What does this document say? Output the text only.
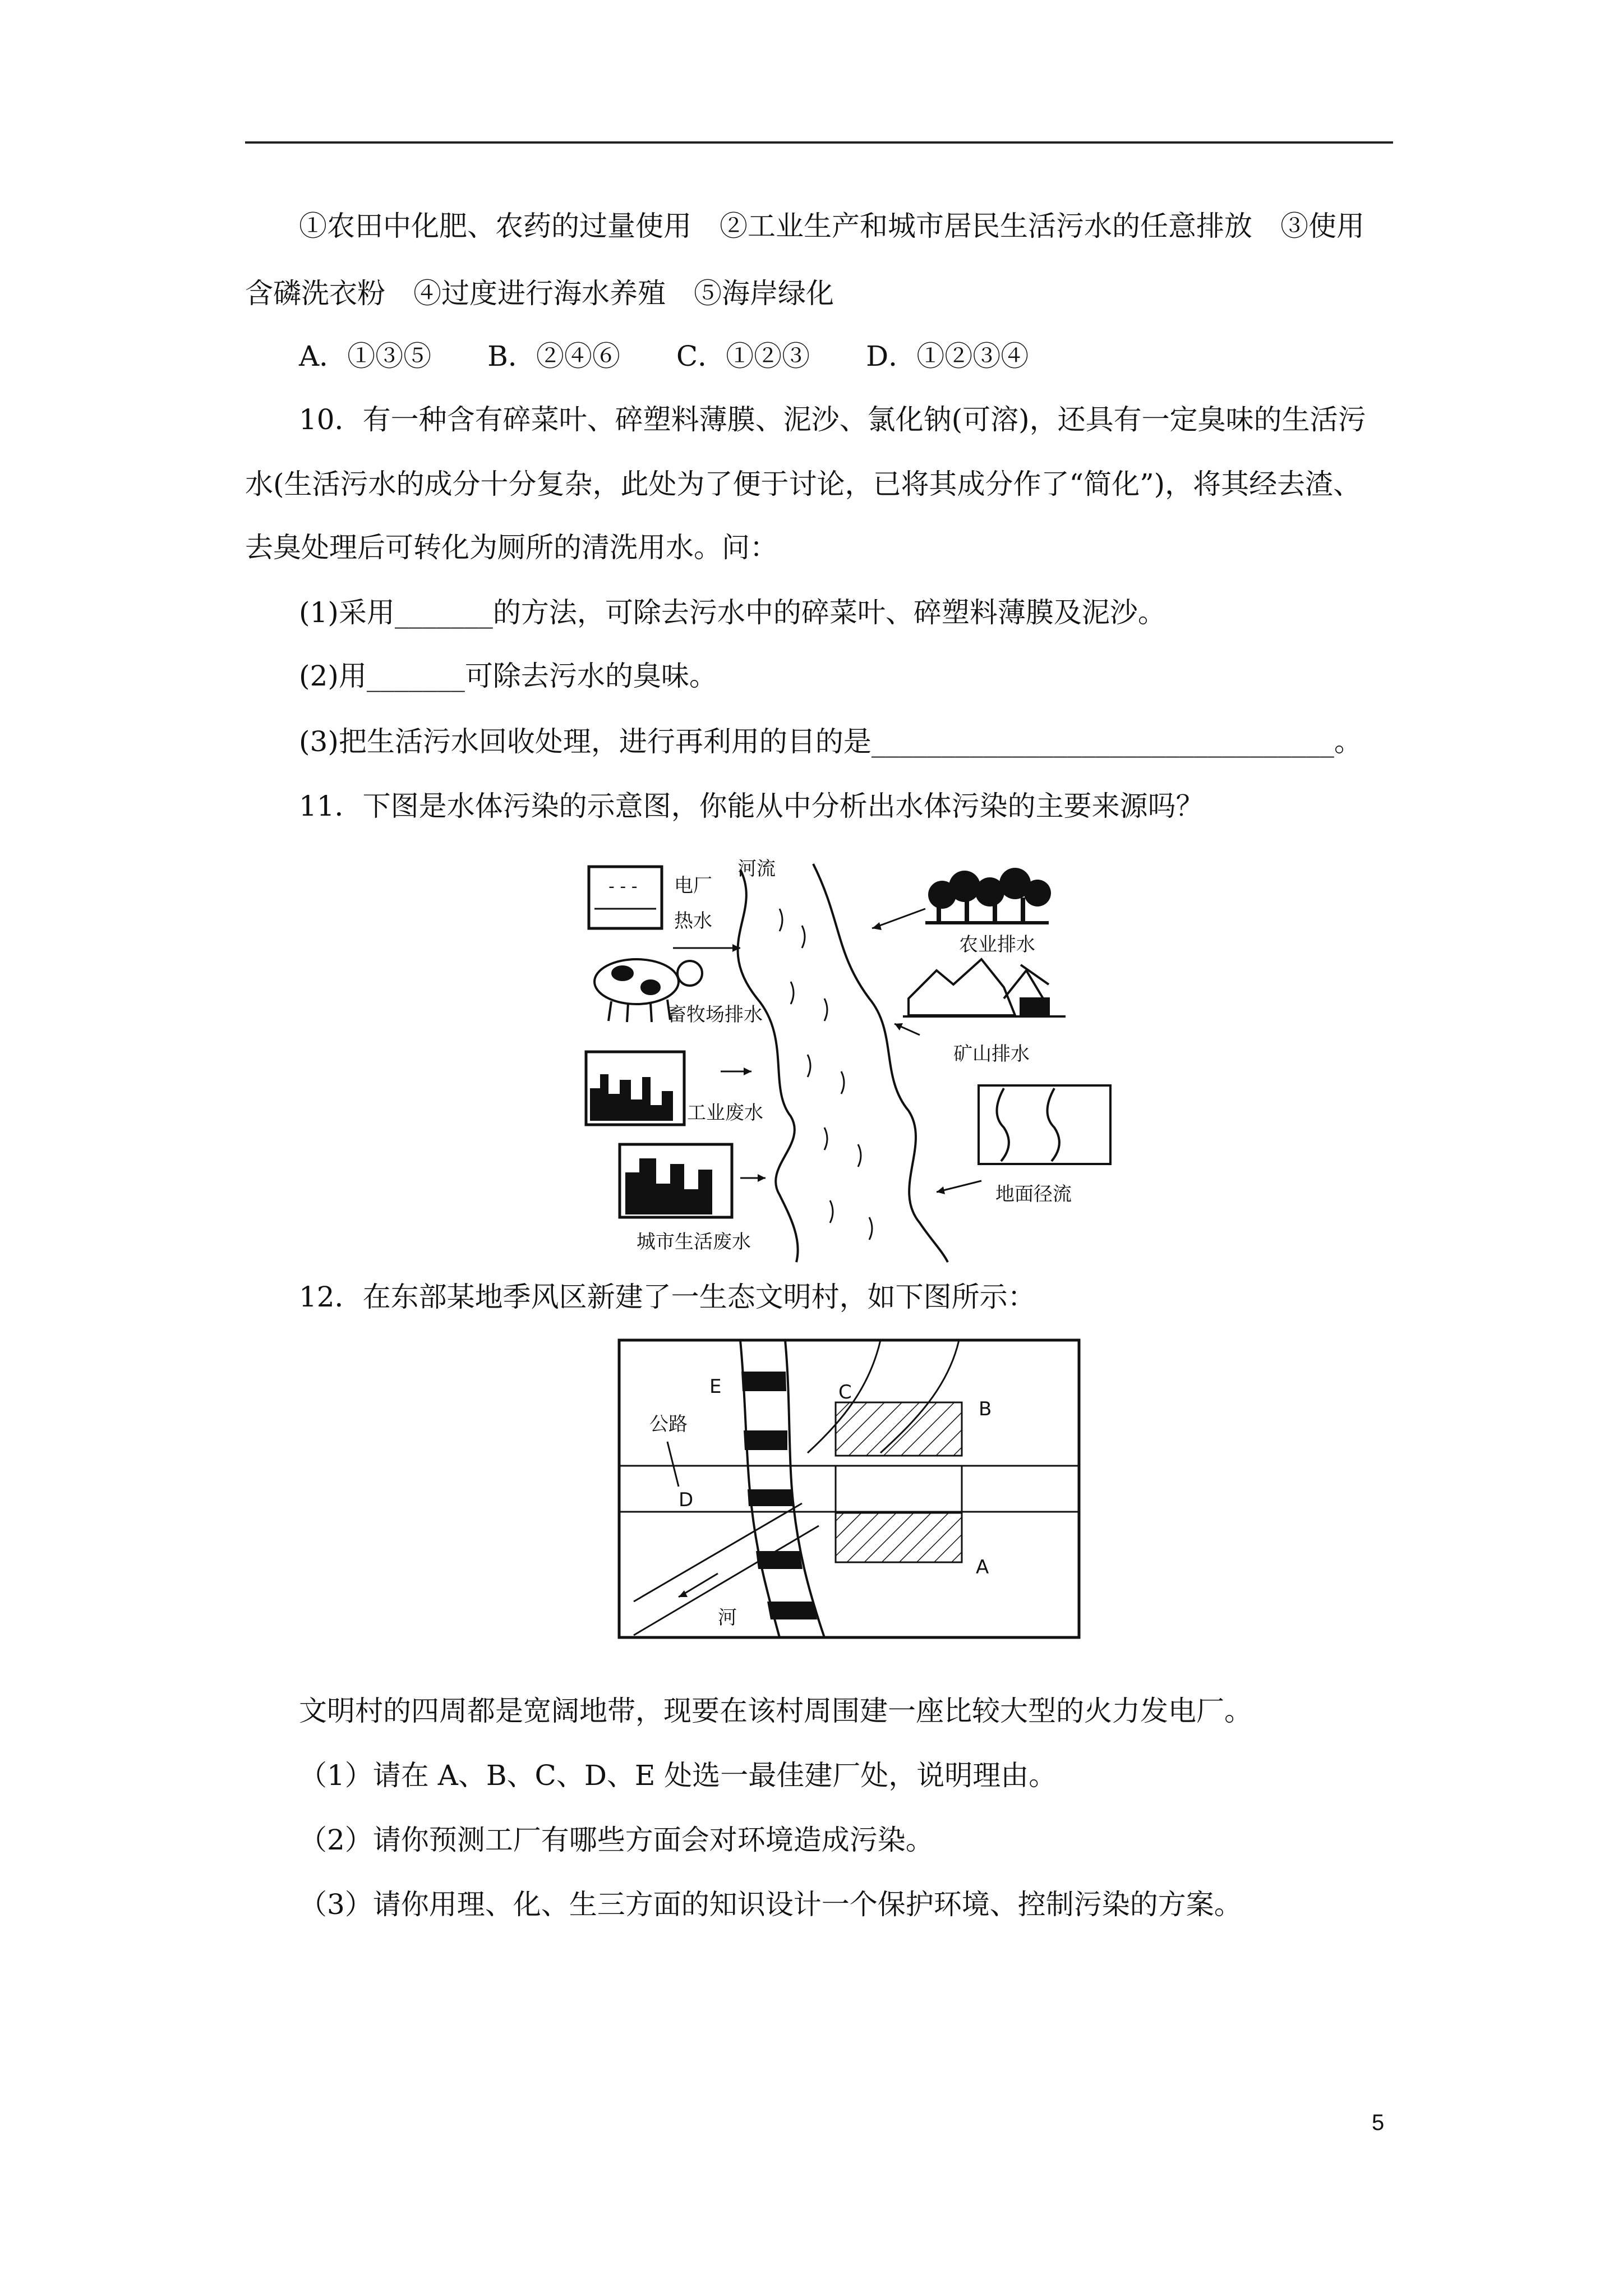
①农田中化肥、农药的过量使用　②工业生产和城市居民生活污水的任意排放　③使用
含磷洗衣粉　④过度进行海水养殖　⑤海岸绿化
A．①③⑤　　B．②④⑥　　C．①②③　　D．①②③④
10．有一种含有碎菜叶、碎塑料薄膜、泥沙、氯化钠(可溶)，还具有一定臭味的生活污
水(生活污水的成分十分复杂，此处为了便于讨论，已将其成分作了“简化”)，将其经去渣、
去臭处理后可转化为厕所的清洗用水。问：
(1)采用_______的方法，可除去污水中的碎菜叶、碎塑料薄膜及泥沙。
(2)用_______可除去污水的臭味。
(3)把生活污水回收处理，进行再利用的目的是_________________________________。
11．下图是水体污染的示意图，你能从中分析出水体污染的主要来源吗？
河流
- - - 电厂
热水
畜牧场排水
工业废水
城市生活废水
农业排水
矿山排水
地面径流
12．在东部某地季风区新建了一生态文明村，如下图所示：
E	C
B
A
D
公路
河
文明村的四周都是宽阔地带，现要在该村周围建一座比较大型的火力发电厂。
（1）请在 A、B、C、D、E 处选一最佳建厂处，说明理由。
（2）请你预测工厂有哪些方面会对环境造成污染。
（3）请你用理、化、生三方面的知识设计一个保护环境、控制污染的方案。
5
